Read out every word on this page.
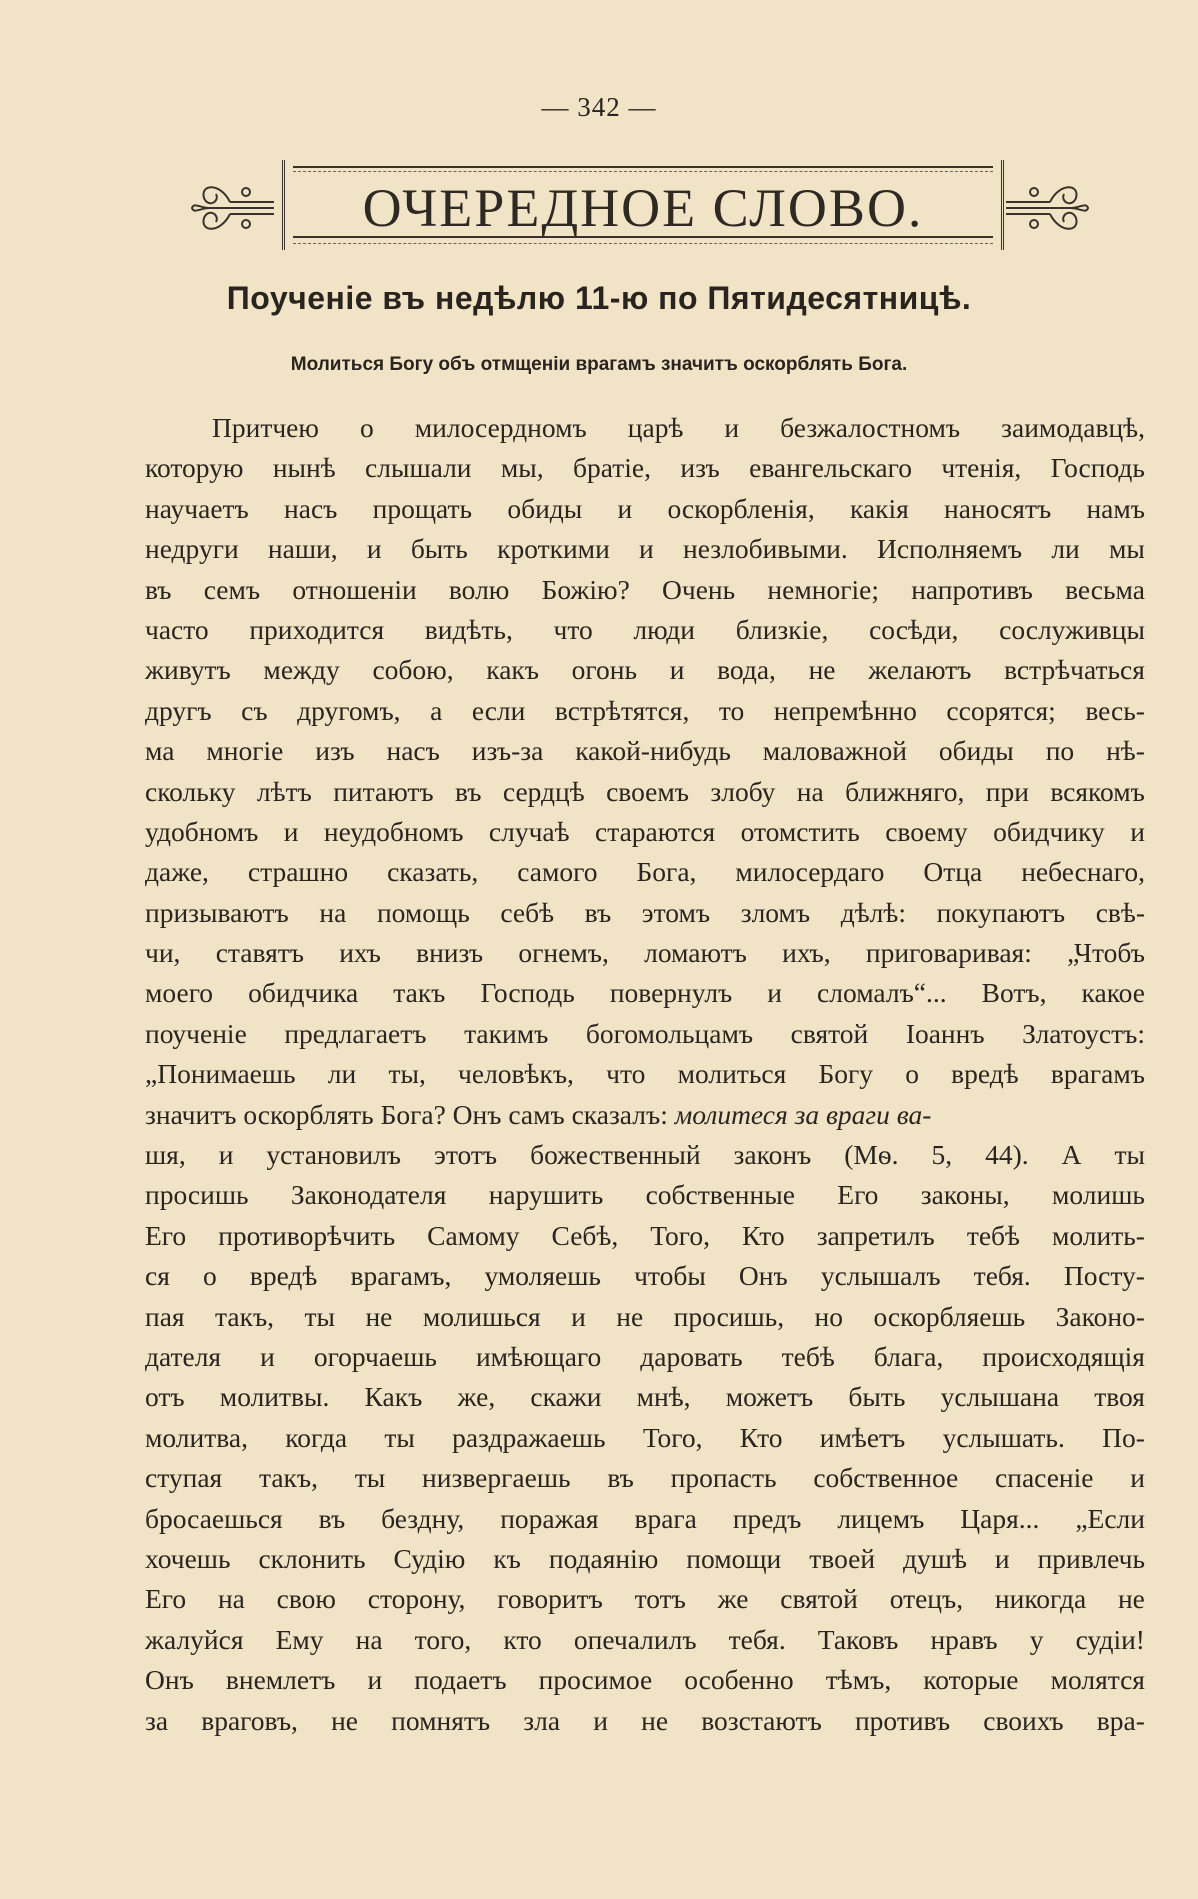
— 342 —
ОЧЕРЕДНОЕ СЛОВО.
Поученіе въ недѣлю 11-ю по Пятидесятницѣ.
Молиться Богу объ отмщеніи врагамъ значитъ оскорблять Бога.
Притчею о милосердномъ царѣ и безжалостномъ заимодавцѣ,
которую нынѣ слышали мы, братіе, изъ евангельскаго чтенія, Господь
научаетъ насъ прощать обиды и оскорбленія, какія наносятъ намъ
недруги наши, и быть кроткими и незлобивыми. Исполняемъ ли мы
въ семъ отношеніи волю Божію? Очень немногіе; напротивъ весьма
часто приходится видѣть, что люди близкіе, сосѣди, сослуживцы
живутъ между собою, какъ огонь и вода, не желаютъ встрѣчаться
другъ съ другомъ, а если встрѣтятся, то непремѣнно ссорятся; весь-
ма многіе изъ насъ изъ-за какой-нибудь маловажной обиды по нѣ-
скольку лѣтъ питаютъ въ сердцѣ своемъ злобу на ближняго, при всякомъ
удобномъ и неудобномъ случаѣ стараются отомстить своему обидчику и
даже, страшно сказать, самого Бога, милосердаго Отца небеснаго,
призываютъ на помощь себѣ въ этомъ зломъ дѣлѣ: покупаютъ свѣ-
чи, ставятъ ихъ внизъ огнемъ, ломаютъ ихъ, приговаривая: „Чтобъ
моего обидчика такъ Господь повернулъ и сломалъ“... Вотъ, какое
поученіе предлагаетъ такимъ богомольцамъ святой Іоаннъ Златоустъ:
„Понимаешь ли ты, человѣкъ, что молиться Богу о вредѣ врагамъ
значитъ оскорблять Бога? Онъ самъ сказалъ: молитеся за враги ва-
шя, и установилъ этотъ божественный законъ (Мѳ. 5, 44). А ты
просишь Законодателя нарушить собственные Его законы, молишь
Его противорѣчить Самому Себѣ, Того, Кто запретилъ тебѣ молить-
ся о вредѣ врагамъ, умоляешь чтобы Онъ услышалъ тебя. Посту-
пая такъ, ты не молишься и не просишь, но оскорбляешь Законо-
дателя и огорчаешь имѣющаго даровать тебѣ блага, происходящія
отъ молитвы. Какъ же, скажи мнѣ, можетъ быть услышана твоя
молитва, когда ты раздражаешь Того, Кто имѣетъ услышать. По-
ступая такъ, ты низвергаешь въ пропасть собственное спасеніе и
бросаешься въ бездну, поражая врага предъ лицемъ Царя... „Если
хочешь склонить Судію къ подаянію помощи твоей душѣ и привлечь
Его на свою сторону, говоритъ тотъ же святой отецъ, никогда не
жалуйся Ему на того, кто опечалилъ тебя. Таковъ нравъ у судіи!
Онъ внемлетъ и подаетъ просимое особенно тѣмъ, которые молятся
за враговъ, не помнятъ зла и не возстаютъ противъ своихъ вра-
